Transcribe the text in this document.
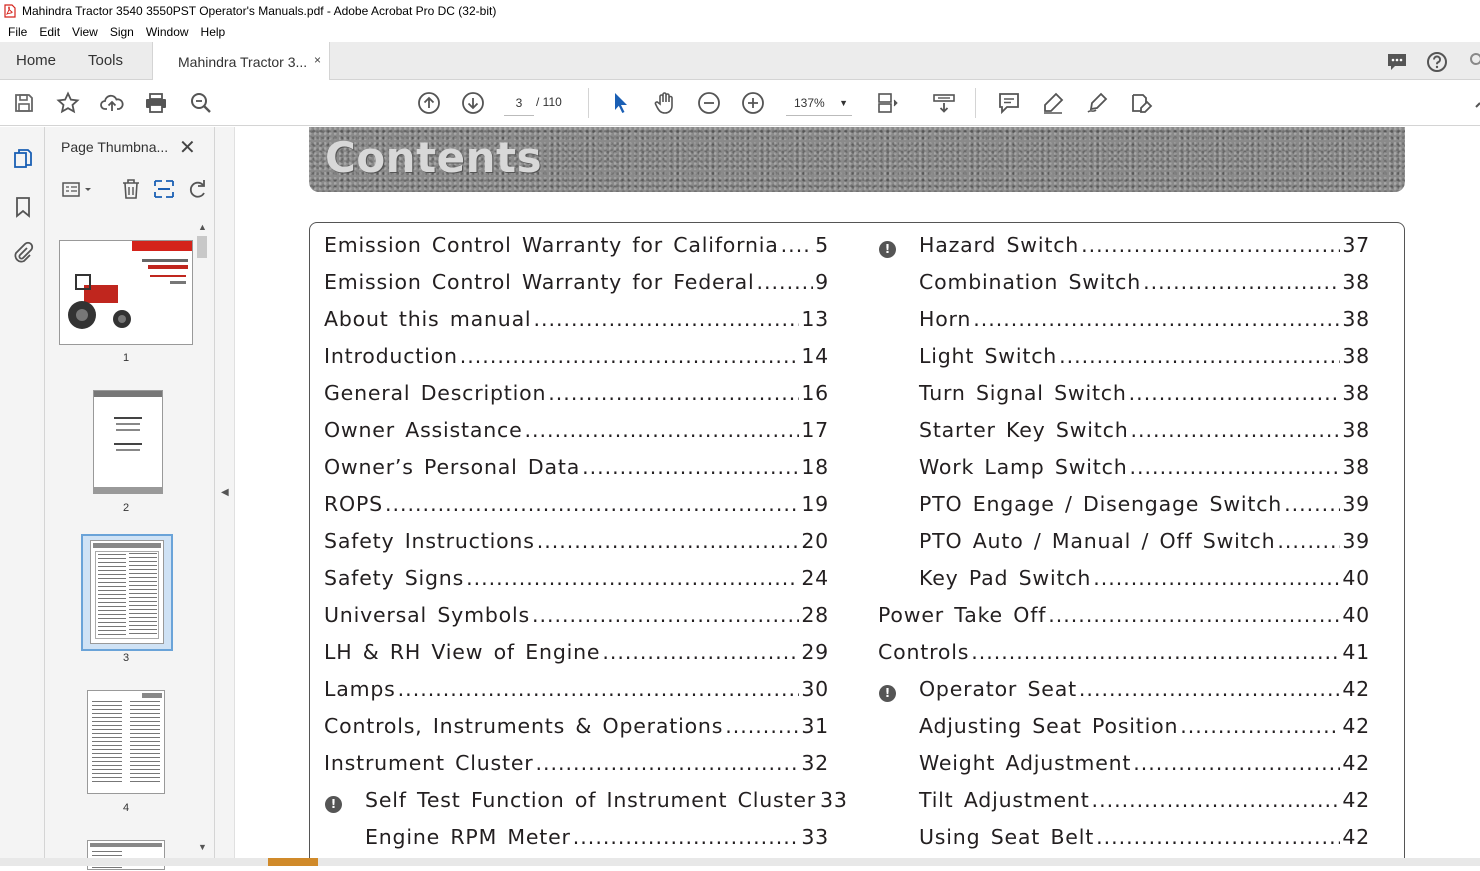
Mahindra Tractor 3540 3550PST Operator's Manuals.pdf - Adobe Acrobat Pro DC (32-bit)
File Edit View Sign Window Help
Home Tools	Mahindra Tractor 3... ×
3
/ 110	137% ▼
Page Thumbna... ✕
1
2
3
4
▲
▼
◀
Contents
Emission Control Warranty for California ..... 5
Emission Control Warranty for Federal .....	9
About this manual .....	13
Introduction .....	14
General Description .....	16
Owner Assistance .....	17
Owner’s Personal Data .....	18
ROPS .....	19
Safety Instructions .....	20
Safety Signs .....	24
Universal Symbols .....	28
LH & RH View of Engine .....	29
Lamps .....	30
Controls, Instruments & Operations .....	31
Instrument Cluster .....	32
Self Test Function of Instrument Cluster 33
!
Engine RPM Meter .....	33
Hazard Switch .....	37
!
Combination Switch .....	38
Horn .....	38
Light Switch .....	38
Turn Signal Switch .....	38
Starter Key Switch .....	38
Work Lamp Switch .....	38
PTO Engage / Disengage Switch .....	39
PTO Auto / Manual / Off Switch .....	39
Key Pad Switch .....	40
Power Take Off .....	40
Controls .....	41
Operator Seat .....	42
!
Adjusting Seat Position .....	42
Weight Adjustment .....	42
Tilt Adjustment .....	42
Using Seat Belt .....	42
